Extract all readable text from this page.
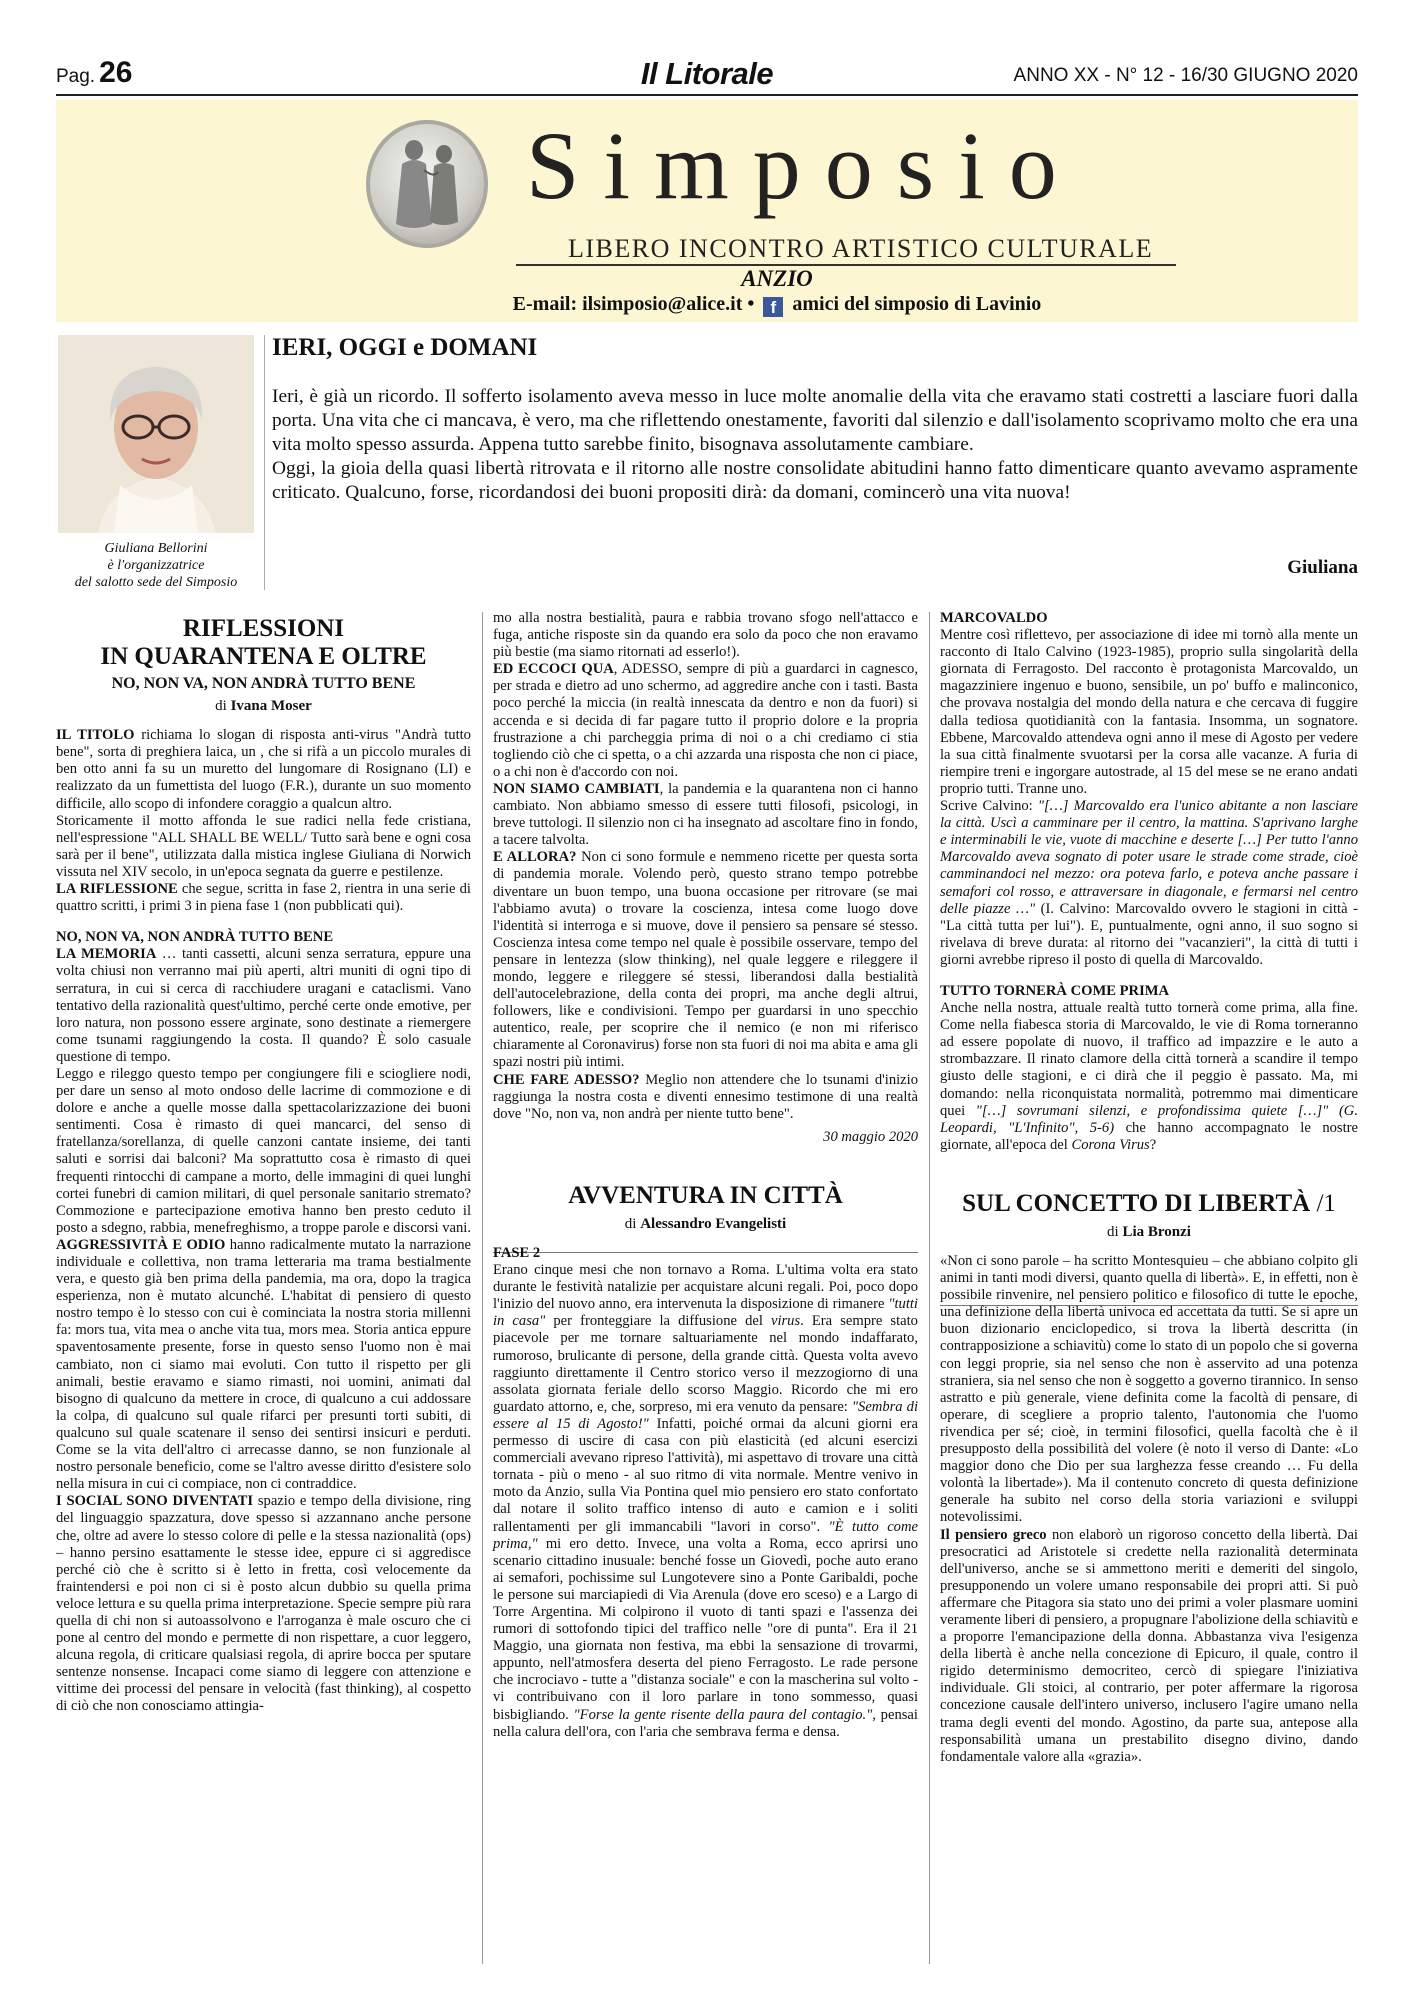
Pag. 26	Il Litorale	ANNO XX - N° 12 - 16/30 GIUGNO 2020
Simposio
LIBERO INCONTRO ARTISTICO CULTURALE
ANZIO
E-mail: ilsimposio@alice.it • f amici del simposio di Lavinio
Giuliana Bellorini
è l'organizzatrice
del salotto sede del Simposio
IERI, OGGI e DOMANI

Ieri, è già un ricordo. Il sofferto isolamento aveva messo in luce molte anomalie della vita che eravamo stati costretti a lasciare fuori dalla porta. Una vita che ci mancava, è vero, ma che riflettendo onestamente, favoriti dal silenzio e dall'isolamento scoprivamo molto che era una vita molto spesso assurda. Appena tutto sarebbe finito, bisognava assolutamente cambiare.

Oggi, la gioia della quasi libertà ritrovata e il ritorno alle nostre consolidate abitudini hanno fatto dimenticare quanto avevamo aspramente criticato. Qualcuno, forse, ricordandosi dei buoni propositi dirà: da domani, comincerò una vita nuova!

Giuliana
RIFLESSIONI
IN QUARANTENA E OLTRE
NO, NON VA, NON ANDRÀ TUTTO BENE
di Ivana Moser

IL TITOLO richiama lo slogan di risposta anti-virus "Andrà tutto bene", sorta di preghiera laica, un , che si rifà a un piccolo murales di ben otto anni fa su un muretto del lungomare di Rosignano (LI) e realizzato da un fumettista del luogo (F.R.), durante un suo momento difficile, allo scopo di infondere coraggio a qualcun altro.

Storicamente il motto affonda le sue radici nella fede cristiana, nell'espressione "ALL SHALL BE WELL/ Tutto sarà bene e ogni cosa sarà per il bene", utilizzata dalla mistica inglese Giuliana di Norwich vissuta nel XIV secolo, in un'epoca segnata da guerre e pestilenze.

LA RIFLESSIONE che segue, scritta in fase 2, rientra in una serie di quattro scritti, i primi 3 in piena fase 1 (non pubblicati qui).

NO, NON VA, NON ANDRÀ TUTTO BENE

LA MEMORIA … tanti cassetti, alcuni senza serratura, eppure una volta chiusi non verranno mai più aperti, altri muniti di ogni tipo di serratura, in cui si cerca di racchiudere uragani e cataclismi. Vano tentativo della razionalità quest'ultimo, perché certe onde emotive, per loro natura, non possono essere arginate, sono destinate a riemergere come tsunami raggiungendo la costa. Il quando? È solo casuale questione di tempo.

Leggo e rileggo questo tempo per congiungere fili e sciogliere nodi, per dare un senso al moto ondoso delle lacrime di commozione e di dolore e anche a quelle mosse dalla spettacolarizzazione dei buoni sentimenti. Cosa è rimasto di quei mancarci, del senso di fratellanza/sorellanza, di quelle canzoni cantate insieme, dei tanti saluti e sorrisi dai balconi? Ma soprattutto cosa è rimasto di quei frequenti rintocchi di campane a morto, delle immagini di quei lunghi cortei funebri di camion militari, di quel personale sanitario stremato? Commozione e partecipazione emotiva hanno ben presto ceduto il posto a sdegno, rabbia, menefreghismo, a troppe parole e discorsi vani.

AGGRESSIVITÀ E ODIO hanno radicalmente mutato la narrazione individuale e collettiva, non trama letteraria ma trama bestialmente vera, e questo già ben prima della pandemia, ma ora, dopo la tragica esperienza, non è mutato alcunché. L'habitat di pensiero di questo nostro tempo è lo stesso con cui è cominciata la nostra storia millenni fa: mors tua, vita mea o anche vita tua, mors mea. Storia antica eppure spaventosamente presente, forse in questo senso l'uomo non è mai cambiato, non ci siamo mai evoluti. Con tutto il rispetto per gli animali, bestie eravamo e siamo rimasti, noi uomini, animati dal bisogno di qualcuno da mettere in croce, di qualcuno a cui addossare la colpa, di qualcuno sul quale rifarci per presunti torti subiti, di qualcuno sul quale scatenare il senso dei sentirsi insicuri e perduti. Come se la vita dell'altro ci arrecasse danno, se non funzionale al nostro personale beneficio, come se l'altro avesse diritto d'esistere solo nella misura in cui ci compiace, non ci contraddice.

I SOCIAL SONO DIVENTATI spazio e tempo della divisione, ring del linguaggio spazzatura, dove spesso si azzannano anche persone che, oltre ad avere lo stesso colore di pelle e la stessa nazionalità (ops) – hanno persino esattamente le stesse idee, eppure ci si aggredisce perché ciò che è scritto si è letto in fretta, così velocemente da fraintendersi e poi non ci si è posto alcun dubbio su quella prima veloce lettura e su quella prima interpretazione. Specie sempre più rara quella di chi non si autoassolvono e l'arroganza è male oscuro che ci pone al centro del mondo e permette di non rispettare, a cuor leggero, alcuna regola, di criticare qualsiasi regola, di aprire bocca per sputare sentenze nonsense. Incapaci come siamo di leggere con attenzione e vittime dei processi del pensare in velocità (fast thinking), al cospetto di ciò che non conosciamo attingia-

mo alla nostra bestialità, paura e rabbia trovano sfogo nell'attacco e fuga, antiche risposte sin da quando era solo da poco che non eravamo più bestie (ma siamo ritornati ad esserlo!).

ED ECCOCI QUA, ADESSO, sempre di più a guardarci in cagnesco, per strada e dietro ad uno schermo, ad aggredire anche con i tasti. Basta poco perché la miccia (in realtà innescata da dentro e non da fuori) si accenda e si decida di far pagare tutto il proprio dolore e la propria frustrazione a chi parcheggia prima di noi o a chi crediamo ci stia togliendo ciò che ci spetta, o a chi azzarda una risposta che non ci piace, o a chi non è d'accordo con noi.

NON SIAMO CAMBIATI, la pandemia e la quarantena non ci hanno cambiato. Non abbiamo smesso di essere tutti filosofi, psicologi, in breve tuttologi. Il silenzio non ci ha insegnato ad ascoltare fino in fondo, a tacere talvolta.

E ALLORA? Non ci sono formule e nemmeno ricette per questa sorta di pandemia morale. Volendo però, questo strano tempo potrebbe diventare un buon tempo, una buona occasione per ritrovare (se mai l'abbiamo avuta) o trovare la coscienza, intesa come luogo dove l'identità si interroga e si muove, dove il pensiero sa pensare sé stesso. Coscienza intesa come tempo nel quale è possibile osservare, tempo del pensare in lentezza (slow thinking), nel quale leggere e rileggere il mondo, leggere e rileggere sé stessi, liberandosi dalla bestialità dell'autocelebrazione, della conta dei propri, ma anche degli altrui, followers, like e condivisioni. Tempo per guardarsi in uno specchio autentico, reale, per scoprire che il nemico (e non mi riferisco chiaramente al Coronavirus) forse non sta fuori di noi ma abita e ama gli spazi nostri più intimi.

CHE FARE ADESSO? Meglio non attendere che lo tsunami d'inizio raggiunga la nostra costa e diventi ennesimo testimone di una realtà dove "No, non va, non andrà per niente tutto bene".

30 maggio 2020
AVVENTURA IN CITTÀ
di Alessandro Evangelisti

FASE 2

Erano cinque mesi che non tornavo a Roma. L'ultima volta era stato durante le festività natalizie per acquistare alcuni regali. Poi, poco dopo l'inizio del nuovo anno, era intervenuta la disposizione di rimanere "tutti in casa" per fronteggiare la diffusione del virus. Era sempre stato piacevole per me tornare saltuariamente nel mondo indaffarato, rumoroso, brulicante di persone, della grande città. Questa volta avevo raggiunto direttamente il Centro storico verso il mezzogiorno di una assolata giornata feriale dello scorso Maggio. Ricordo che mi ero guardato attorno, e, che, sorpreso, mi era venuto da pensare: "Sembra di essere al 15 di Agosto!" Infatti, poiché ormai da alcuni giorni era permesso di uscire di casa con più elasticità (ed alcuni esercizi commerciali avevano ripreso l'attività), mi aspettavo di trovare una città tornata - più o meno - al suo ritmo di vita normale. Mentre venivo in moto da Anzio, sulla Via Pontina quel mio pensiero ero stato confortato dal notare il solito traffico intenso di auto e camion e i soliti rallentamenti per gli immancabili "lavori in corso". "È tutto come prima," mi ero detto. Invece, una volta a Roma, ecco aprirsi uno scenario cittadino inusuale: benché fosse un Giovedì, poche auto erano ai semafori, pochissime sul Lungotevere sino a Ponte Garibaldi, poche le persone sui marciapiedi di Via Arenula (dove ero sceso) e a Largo di Torre Argentina. Mi colpirono il vuoto di tanti spazi e l'assenza dei rumori di sottofondo tipici del traffico nelle "ore di punta". Era il 21 Maggio, una giornata non festiva, ma ebbi la sensazione di trovarmi, appunto, nell'atmosfera deserta del pieno Ferragosto. Le rade persone che incrociavo - tutte a "distanza sociale" e con la mascherina sul volto - vi contribuivano con il loro parlare in tono sommesso, quasi bisbigliando. "Forse la gente risente della paura del contagio.", pensai nella calura dell'ora, con l'aria che sembrava ferma e densa.

MARCOVALDO

Mentre così riflettevo, per associazione di idee mi tornò alla mente un racconto di Italo Calvino (1923-1985), proprio sulla singolarità della giornata di Ferragosto. Del racconto è protagonista Marcovaldo, un magazziniere ingenuo e buono, sensibile, un po' buffo e malinconico, che provava nostalgia del mondo della natura e che cercava di fuggire dalla tediosa quotidianità con la fantasia. Insomma, un sognatore. Ebbene, Marcovaldo attendeva ogni anno il mese di Agosto per vedere la sua città finalmente svuotarsi per la corsa alle vacanze. A furia di riempire treni e ingorgare autostrade, al 15 del mese se ne erano andati proprio tutti. Tranne uno.

Scrive Calvino: "[…] Marcovaldo era l'unico abitante a non lasciare la città. Uscì a camminare per il centro, la mattina. S'aprivano larghe e interminabili le vie, vuote di macchine e deserte […] Per tutto l'anno Marcovaldo aveva sognato di poter usare le strade come strade, cioè camminandoci nel mezzo: ora poteva farlo, e poteva anche passare i semafori col rosso, e attraversare in diagonale, e fermarsi nel centro delle piazze …" (I. Calvino: Marcovaldo ovvero le stagioni in città - "La città tutta per lui"). E, puntualmente, ogni anno, il suo sogno si rivelava di breve durata: al ritorno dei "vacanzieri", la città di tutti i giorni avrebbe ripreso il posto di quella di Marcovaldo.

TUTTO TORNERÀ COME PRIMA

Anche nella nostra, attuale realtà tutto tornerà come prima, alla fine. Come nella fiabesca storia di Marcovaldo, le vie di Roma torneranno ad essere popolate di nuovo, il traffico ad impazzire e le auto a strombazzare. Il rinato clamore della città tornerà a scandire il tempo giusto delle stagioni, e ci dirà che il peggio è passato. Ma, mi domando: nella riconquistata normalità, potremmo mai dimenticare quei "[…] sovrumani silenzi, e profondissima quiete […]" (G. Leopardi, "L'Infinito", 5-6) che hanno accompagnato le nostre giornate, all'epoca del Corona Virus?

SUL CONCETTO DI LIBERTÀ /1
di Lia Bronzi

«Non ci sono parole – ha scritto Montesquieu – che abbiano colpito gli animi in tanti modi diversi, quanto quella di libertà». E, in effetti, non è possibile rinvenire, nel pensiero politico e filosofico di tutte le epoche, una definizione della libertà univoca ed accettata da tutti. Se si apre un buon dizionario enciclopedico, si trova la libertà descritta (in contrapposizione a schiavitù) come lo stato di un popolo che si governa con leggi proprie, sia nel senso che non è asservito ad una potenza straniera, sia nel senso che non è soggetto a governo tirannico. In senso astratto e più generale, viene definita come la facoltà di pensare, di operare, di scegliere a proprio talento, l'autonomia che l'uomo rivendica per sé; cioè, in termini filosofici, quella facoltà che è il presupposto della possibilità del volere (è noto il verso di Dante: «Lo maggior dono che Dio per sua larghezza fesse creando … Fu della volontà la libertade»). Ma il contenuto concreto di questa definizione generale ha subito nel corso della storia variazioni e sviluppi notevolissimi.

Il pensiero greco non elaborò un rigoroso concetto della libertà. Dai presocratici ad Aristotele si credette nella razionalità determinata dell'universo, anche se si ammettono meriti e demeriti del singolo, presupponendo un volere umano responsabile dei propri atti. Si può affermare che Pitagora sia stato uno dei primi a voler plasmare uomini veramente liberi di pensiero, a propugnare l'abolizione della schiavitù e a proporre l'emancipazione della donna. Abbastanza viva l'esigenza della libertà è anche nella concezione di Epicuro, il quale, contro il rigido determinismo democriteo, cercò di spiegare l'iniziativa individuale. Gli stoici, al contrario, per poter affermare la rigorosa concezione causale dell'intero universo, inclusero l'agire umano nella trama degli eventi del mondo. Agostino, da parte sua, antepose alla responsabilità umana un prestabilito disegno divino, dando fondamentale valore alla «grazia».
